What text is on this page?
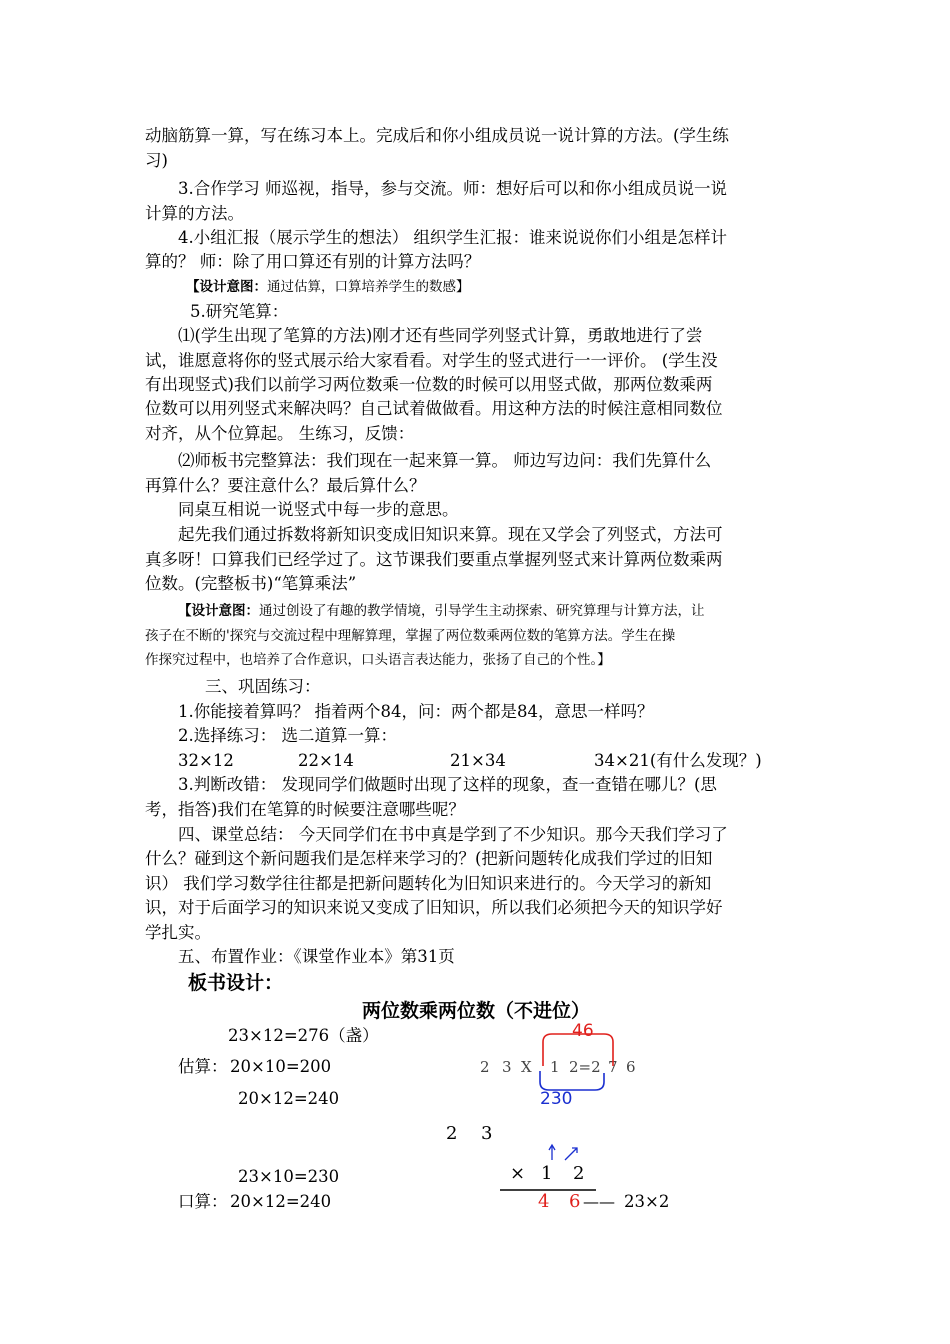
动脑筋算一算，写在练习本上。完成后和你小组成员说一说计算的方法。(学生练
习)
3.合作学习 师巡视，指导，参与交流。师：想好后可以和你小组成员说一说
计算的方法。
4.小组汇报（展示学生的想法） 组织学生汇报：谁来说说你们小组是怎样计
算的？ 师：除了用口算还有别的计算方法吗？
【设计意图：通过估算，口算培养学生的数感】
5.研究笔算：
⑴(学生出现了笔算的方法)刚才还有些同学列竖式计算，勇敢地进行了尝
试，谁愿意将你的竖式展示给大家看看。对学生的竖式进行一一评价。 (学生没
有出现竖式)我们以前学习两位数乘一位数的时候可以用竖式做，那两位数乘两
位数可以用列竖式来解决吗？自己试着做做看。用这种方法的时候注意相同数位
对齐，从个位算起。 生练习，反馈：
⑵师板书完整算法：我们现在一起来算一算。 师边写边问：我们先算什么
再算什么？要注意什么？最后算什么？
同桌互相说一说竖式中每一步的意思。
起先我们通过拆数将新知识变成旧知识来算。现在又学会了列竖式，方法可
真多呀！口算我们已经学过了。这节课我们要重点掌握列竖式来计算两位数乘两
位数。(完整板书)“笔算乘法”
【设计意图：通过创设了有趣的教学情境，引导学生主动探索、研究算理与计算方法，让
孩子在不断的'探究与交流过程中理解算理，掌握了两位数乘两位数的笔算方法。学生在操
作探究过程中，也培养了合作意识，口头语言表达能力，张扬了自己的个性。】
三、巩固练习：
1.你能接着算吗？ 指着两个84，问：两个都是84，意思一样吗？
2.选择练习： 选二道算一算：
32×12	22×14	21×34	34×21(有什么发现？)
3.判断改错： 发现同学们做题时出现了这样的现象，查一查错在哪儿？(思
考，指答)我们在笔算的时候要注意哪些呢？
四、课堂总结： 今天同学们在书中真是学到了不少知识。那今天我们学习了
什么？碰到这个新问题我们是怎样来学习的？(把新问题转化成我们学过的旧知
识） 我们学习数学往往都是把新问题转化为旧知识来进行的。今天学习的新知
识，对于后面学习的知识来说又变成了旧知识，所以我们必须把今天的知识学好
学扎实。
五、布置作业：《课堂作业本》第31页
板书设计：
两位数乘两位数（不进位）
23×12=276（盏）
估算： 20×10=200
20×12=240
2 3 X 1 2=2 7 6
46
230
2 3
× 1 2
4 6 —— 23×2
23×10=230
口算： 20×12=240
